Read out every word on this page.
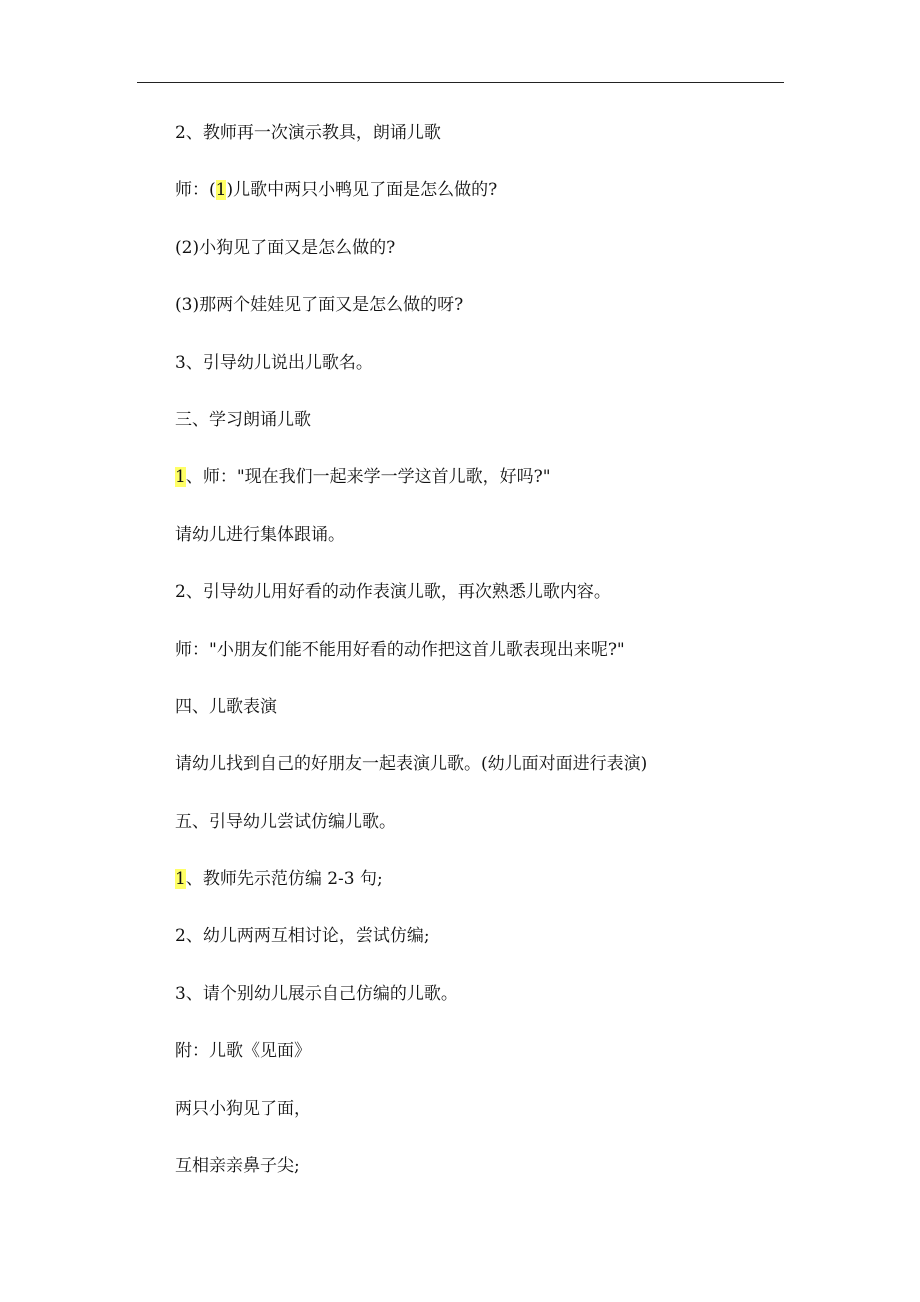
2、教师再一次演示教具，朗诵儿歌
师：(1)儿歌中两只小鸭见了面是怎么做的?
(2)小狗见了面又是怎么做的?
(3)那两个娃娃见了面又是怎么做的呀?
3、引导幼儿说出儿歌名。
三、学习朗诵儿歌
1、师："现在我们一起来学一学这首儿歌，好吗?"
请幼儿进行集体跟诵。
2、引导幼儿用好看的动作表演儿歌，再次熟悉儿歌内容。
师："小朋友们能不能用好看的动作把这首儿歌表现出来呢?"
四、儿歌表演
请幼儿找到自己的好朋友一起表演儿歌。(幼儿面对面进行表演)
五、引导幼儿尝试仿编儿歌。
1、教师先示范仿编 2-3 句;
2、幼儿两两互相讨论，尝试仿编;
3、请个别幼儿展示自己仿编的儿歌。
附：儿歌《见面》
两只小狗见了面，
互相亲亲鼻子尖;
